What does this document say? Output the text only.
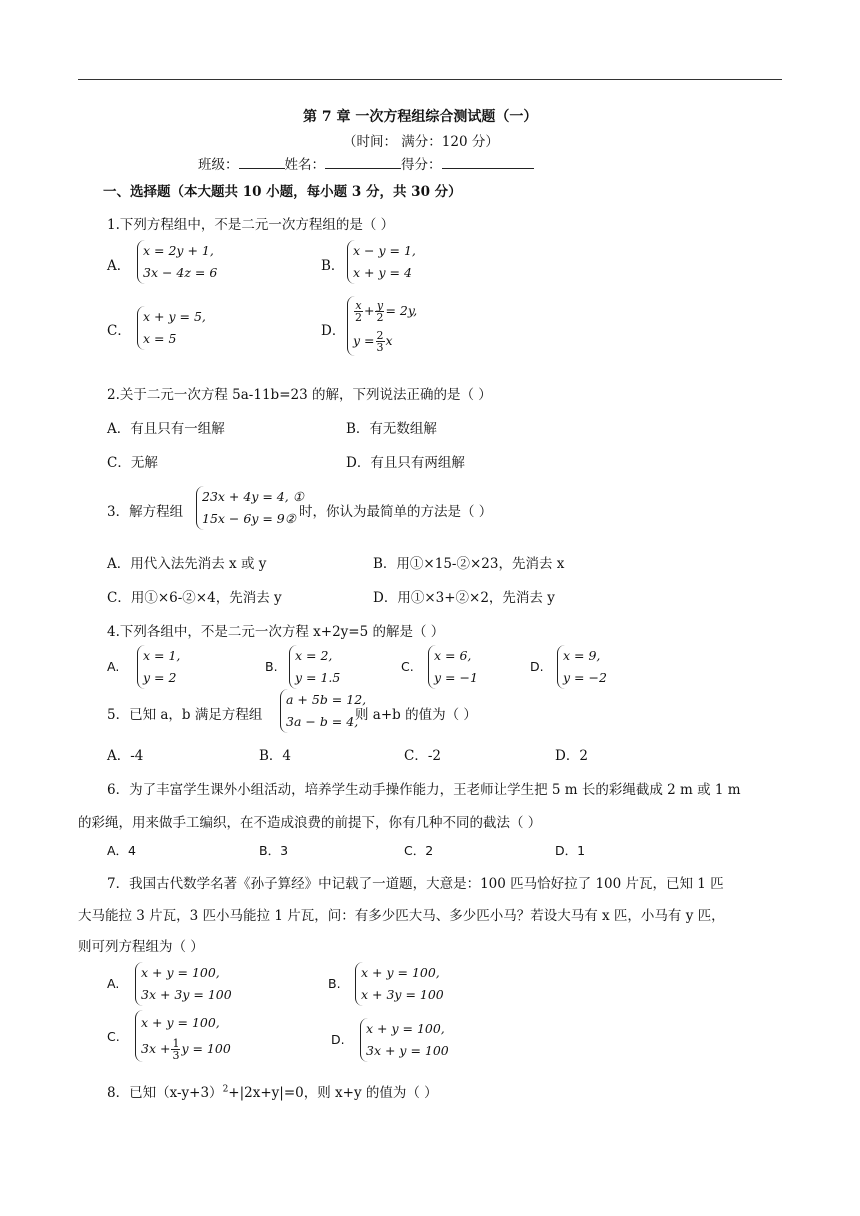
第 7 章 一次方程组综合测试题（一）
（时间： 满分：120 分）
班级：	姓名：	得分：
一、选择题（本大题共 10 小题，每小题 3 分，共 30 分）
1.下列方程组中，不是二元一次方程组的是（ ）
A．
x = 2y + 1,
3x − 4z = 6	B．
x − y = 1,
x + y = 4
C．
x + y = 5,
x = 5	D．
$\frac{x}{2} + \frac{y}{2} = 2y$,
$y = \frac{2}{3}$ x
2.关于二元一次方程 5a-11b=23 的解，下列说法正确的是（ ）
A．有且只有一组解	B．有无数组解
C．无解	D．有且只有两组解
3．解方程组
23x + 4y = 4, ①
15x − 6y = 9② 时，你认为最简单的方法是（ ）
A．用代入法先消去 x 或 y	B．用①×15-②×23，先消去 x
C．用①×6-②×4，先消去 y	D．用①×3+②×2，先消去 y
4.下列各组中，不是二元一次方程 x+2y=5 的解是（ ）
A.
x = 1,
y = 2
B.
x = 2,
y = 1.5
C.
x = 6,
y = −1
D.
x = 9,
y = −2
5．已知 a，b 满足方程组
a + 5b = 12,
3a − b = 4,
则 a+b 的值为（ ）
A．-4	B．4	C．-2	D．2
6．为了丰富学生课外小组活动，培养学生动手操作能力，王老师让学生把 5 m 长的彩绳截成 2 m 或 1 m
的彩绳，用来做手工编织，在不造成浪费的前提下，你有几种不同的截法（ ）
A．4	B．3	C．2	D．1
7．我国古代数学名著《孙子算经》中记载了一道题，大意是：100 匹马恰好拉了 100 片瓦，已知 1 匹
大马能拉 3 片瓦，3 匹小马能拉 1 片瓦，问：有多少匹大马、多少匹小马？若设大马有 x 匹，小马有 y 匹，
则可列方程组为（ ）
A.
x + y = 100,
3x + 3y = 100
B.
x + y = 100,
x + 3y = 100
C.
x + y = 100,
$3x + \frac{1}{3}$ y = 100
D.
x + y = 100,
3x + y = 100
8．已知$(x-y+3)^2+|2x+y|=0$，则 x+y 的值为（ ）
